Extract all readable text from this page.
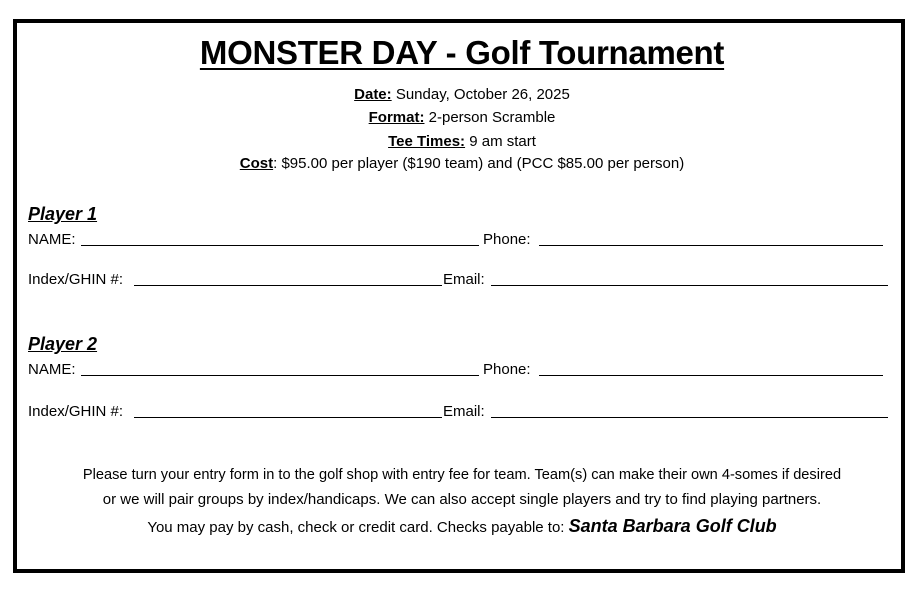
MONSTER DAY - Golf Tournament
Date: Sunday, October 26, 2025
Format: 2-person Scramble
Tee Times: 9 am start
Cost: $95.00 per player ($190 team) and (PCC $85.00 per person)
Player 1
NAME:	Phone:
Index/GHIN #:	Email:
Player 2
NAME:	Phone:
Index/GHIN #:	Email:
Please turn your entry form in to the golf shop with entry fee for team. Team(s) can make their own 4-somes if desired
or we will pair groups by index/handicaps. We can also accept single players and try to find playing partners.
You may pay by cash, check or credit card. Checks payable to: Santa Barbara Golf Club
